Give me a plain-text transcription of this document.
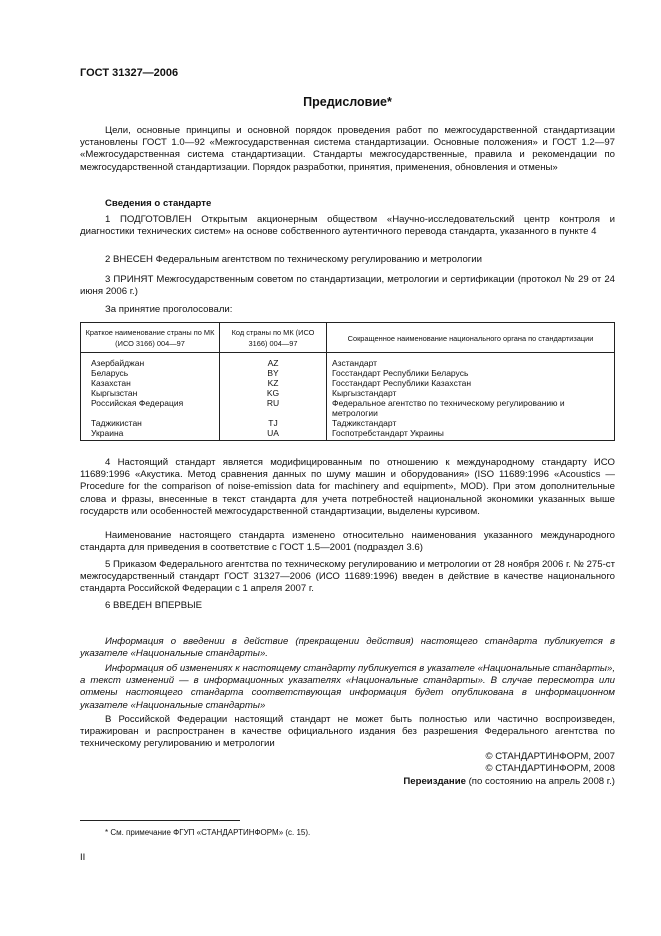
ГОСТ 31327—2006
Предисловие*
Цели, основные принципы и основной порядок проведения работ по межгосударственной стандартизации установлены ГОСТ 1.0—92 «Межгосударственная система стандартизации. Основные положения» и ГОСТ 1.2—97 «Межгосударственная система стандартизации. Стандарты межгосударственные, правила и рекомендации по межгосударственной стандартизации. Порядок разработки, принятия, применения, обновления и отмены»
Сведения о стандарте
1 ПОДГОТОВЛЕН Открытым акционерным обществом «Научно-исследовательский центр контроля и диагностики технических систем» на основе собственного аутентичного перевода стандарта, указанного в пункте 4
2 ВНЕСЕН Федеральным агентством по техническому регулированию и метрологии
3 ПРИНЯТ Межгосударственным советом по стандартизации, метрологии и сертификации (протокол № 29 от 24 июня 2006 г.)
За принятие проголосовали:
Краткое наименование страны по МК (ИСО 3166) 004—97	Код страны по МК (ИСО 3166) 004—97	Сокращенное наименование национального органа по стандартизации
Азербайджан	AZ	Азстандарт
Беларусь	BY	Госстандарт Республики Беларусь
Казахстан	KZ	Госстандарт Республики Казахстан
Кыргызстан	KG	Кыргызстандарт
Российская Федерация	RU	Федеральное агентство по техническому регулированию и метрологии
Таджикистан	TJ	Таджикстандарт
Украина	UA	Госпотребстандарт Украины
4 Настоящий стандарт является модифицированным по отношению к международному стандарту ИСО 11689:1996 «Акустика. Метод сравнения данных по шуму машин и оборудования» (ISO 11689:1996 «Acoustics — Procedure for the comparison of noise-emission data for machinery and equipment», MOD). При этом дополнительные слова и фразы, внесенные в текст стандарта для учета потребностей национальной экономики указанных выше государств или особенностей межгосударственной стандартизации, выделены курсивом.
Наименование настоящего стандарта изменено относительно наименования указанного международного стандарта для приведения в соответствие с ГОСТ 1.5—2001 (подраздел 3.6)
5 Приказом Федерального агентства по техническому регулированию и метрологии от 28 ноября 2006 г. № 275-ст межгосударственный стандарт ГОСТ 31327—2006 (ИСО 11689:1996) введен в действие в качестве национального стандарта Российской Федерации с 1 апреля 2007 г.
6 ВВЕДЕН ВПЕРВЫЕ
Информация о введении в действие (прекращении действия) настоящего стандарта публикуется в указателе «Национальные стандарты».
Информация об изменениях к настоящему стандарту публикуется в указателе «Национальные стандарты», а текст изменений — в информационных указателях «Национальные стандарты». В случае пересмотра или отмены настоящего стандарта соответствующая информация будет опубликована в информационном указателе «Национальные стандарты»
В Российской Федерации настоящий стандарт не может быть полностью или частично воспроизведен, тиражирован и распространен в качестве официального издания без разрешения Федерального агентства по техническому регулированию и метрологии
© СТАНДАРТИНФОРМ, 2007
© СТАНДАРТИНФОРМ, 2008
Переиздание (по состоянию на апрель 2008 г.)
* См. примечание ФГУП «СТАНДАРТИНФОРМ» (с. 15).
II
